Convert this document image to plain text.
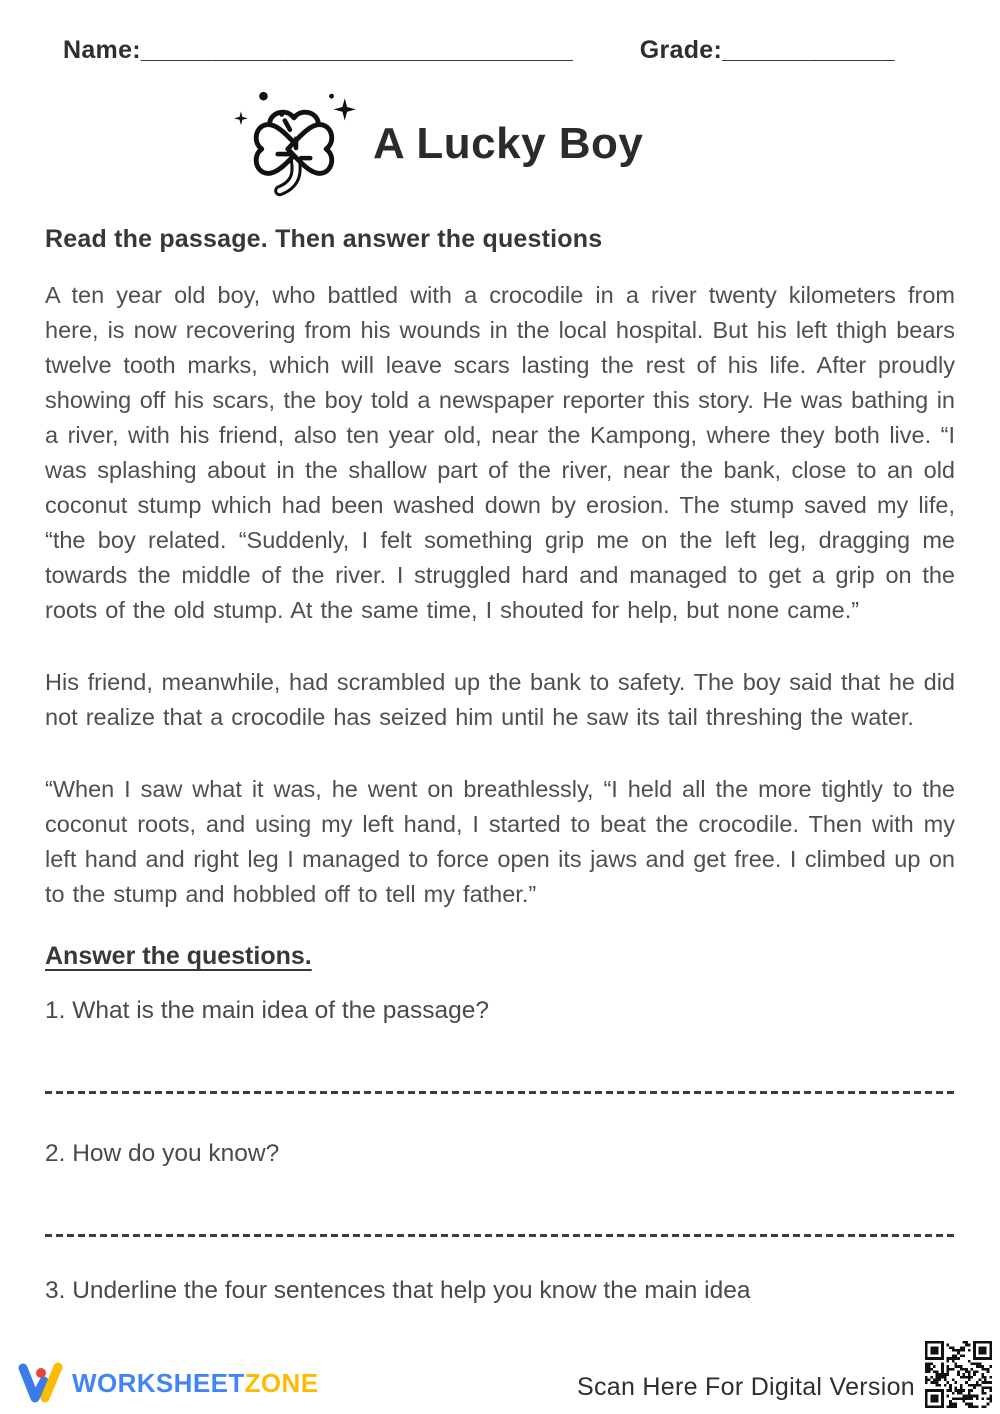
Name:______________________________	Grade:____________
A Lucky Boy
Read the passage. Then answer the questions

A ten year old boy, who battled with a crocodile in a river twenty kilometers from here, is now recovering from his wounds in the local hospital. But his left thigh bears twelve tooth marks, which will leave scars lasting the rest of his life. After proudly showing off his scars, the boy told a newspaper reporter this story. He was bathing in a river, with his friend, also ten year old, near the Kampong, where they both live. “I was splashing about in the shallow part of the river, near the bank, close to an old coconut stump which had been washed down by erosion. The stump saved my life, “the boy related. “Suddenly, I felt something grip me on the left leg, dragging me towards the middle of the river. I struggled hard and managed to get a grip on the roots of the old stump. At the same time, I shouted for help, but none came.”

His friend, meanwhile, had scrambled up the bank to safety. The boy said that he did not realize that a crocodile has seized him until he saw its tail threshing the water.

“When I saw what it was, he went on breathlessly, “I held all the more tightly to the coconut roots, and using my left hand, I started to beat the crocodile. Then with my left hand and right leg I managed to force open its jaws and get free. I climbed up on to the stump and hobbled off to tell my father.”

Answer the questions.
1. What is the main idea of the passage?
2. How do you know?
3. Underline the four sentences that help you know the main idea
WORKSHEETZONE	Scan Here For Digital Version
